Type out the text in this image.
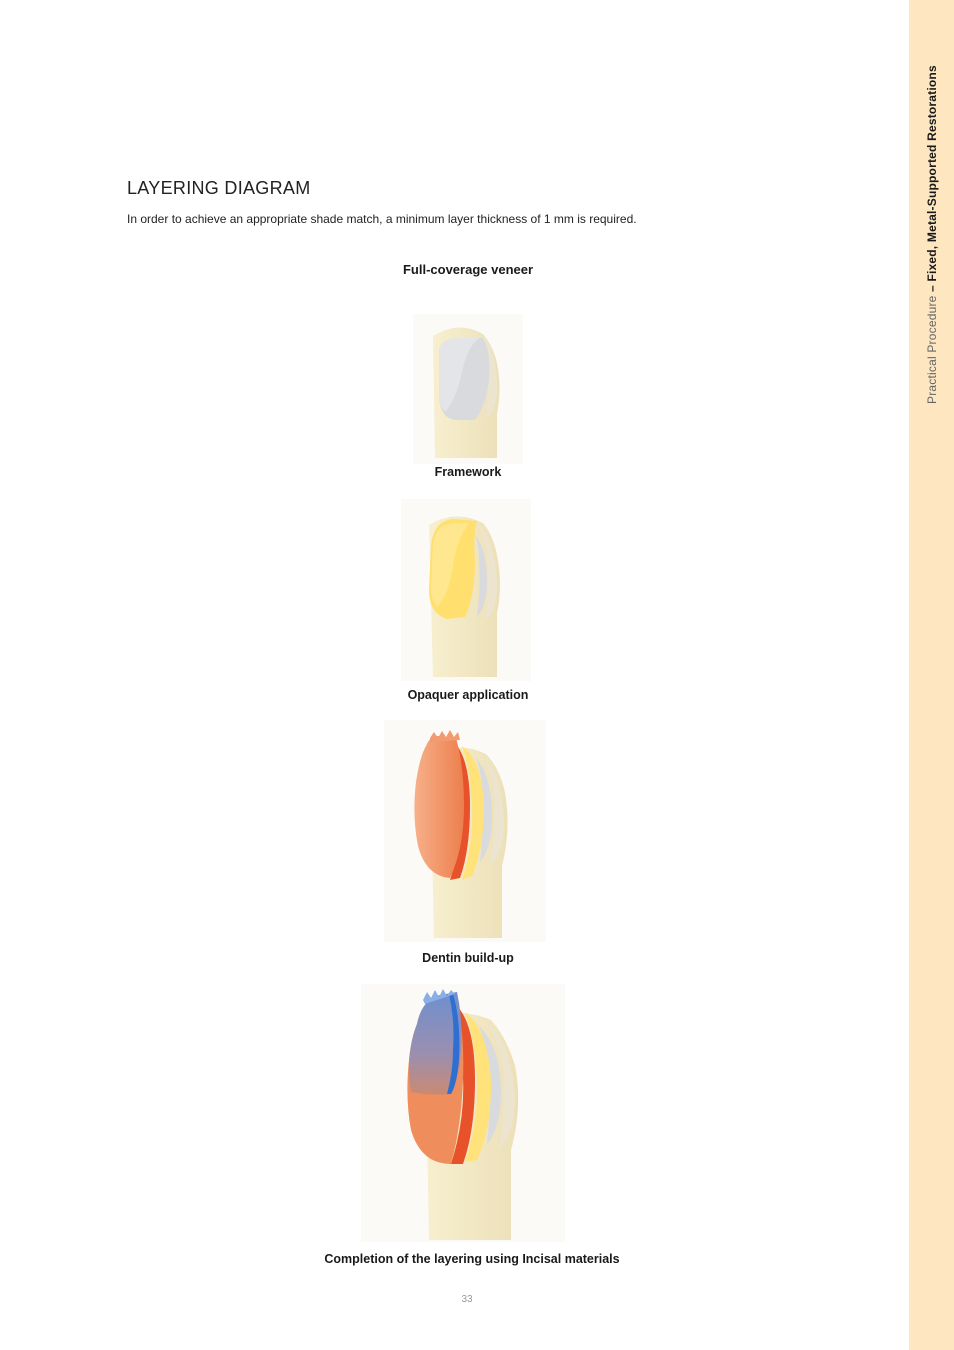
Practical Procedure – Fixed, Metal-Supported Restorations
LAYERING DIAGRAM

In order to achieve an appropriate shade match, a minimum layer thickness of 1 mm is required.

Full-coverage veneer

Framework

Opaquer application

Dentin build-up

Completion of the layering using Incisal materials

33
